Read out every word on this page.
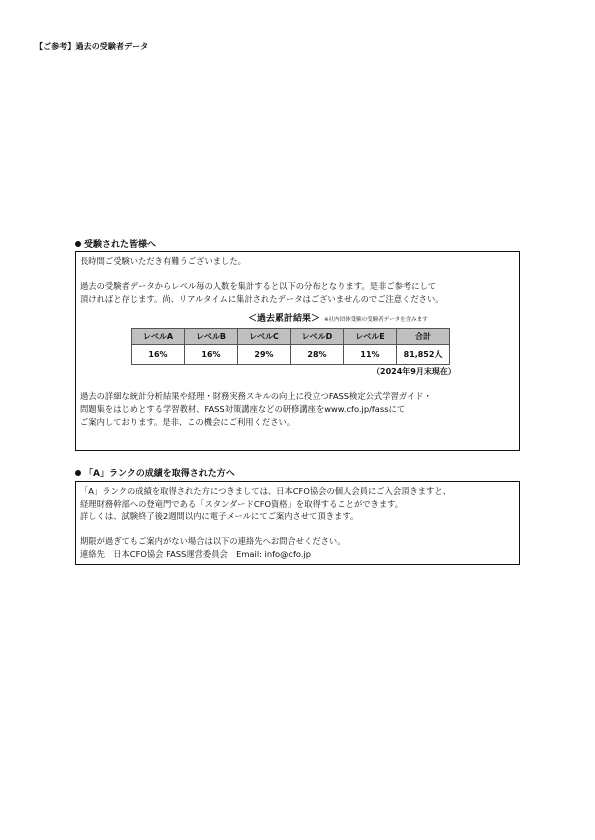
【ご参考】過去の受験者データ
受験された皆様へ

長時間ご受験いただき有難うございました。

過去の受験者データからレベル毎の人数を集計すると以下の分布となります。是非ご参考にして

頂ければと存じます。尚、リアルタイムに集計されたデータはございませんのでご注意ください。

＜過去累計結果＞ ※社内団体受験の受験者データを含みます
レベルA	レベルB	レベルC	レベルD	レベルE	合計
16%	16%	29%	28%	11%	81,852人
（2024年9月末現在）

過去の詳細な統計分析結果や経理・財務実務スキルの向上に役立つFASS検定公式学習ガイド・

問題集をはじめとする学習教材、FASS対策講座などの研修講座をwww.cfo.jp/fassにて

ご案内しております。是非、この機会にご利用ください。

「A」ランクの成績を取得された方へ

「A」ランクの成績を取得された方につきましては、日本CFO協会の個人会員にご入会頂きますと、

経理財務幹部への登竜門である「スタンダードCFO資格」を取得することができます。

詳しくは、試験終了後2週間以内に電子メールにてご案内させて頂きます。

期限が過ぎてもご案内がない場合は以下の連絡先へお問合せください。

連絡先　日本CFO協会 FASS運営委員会　Email: info@cfo.jp
